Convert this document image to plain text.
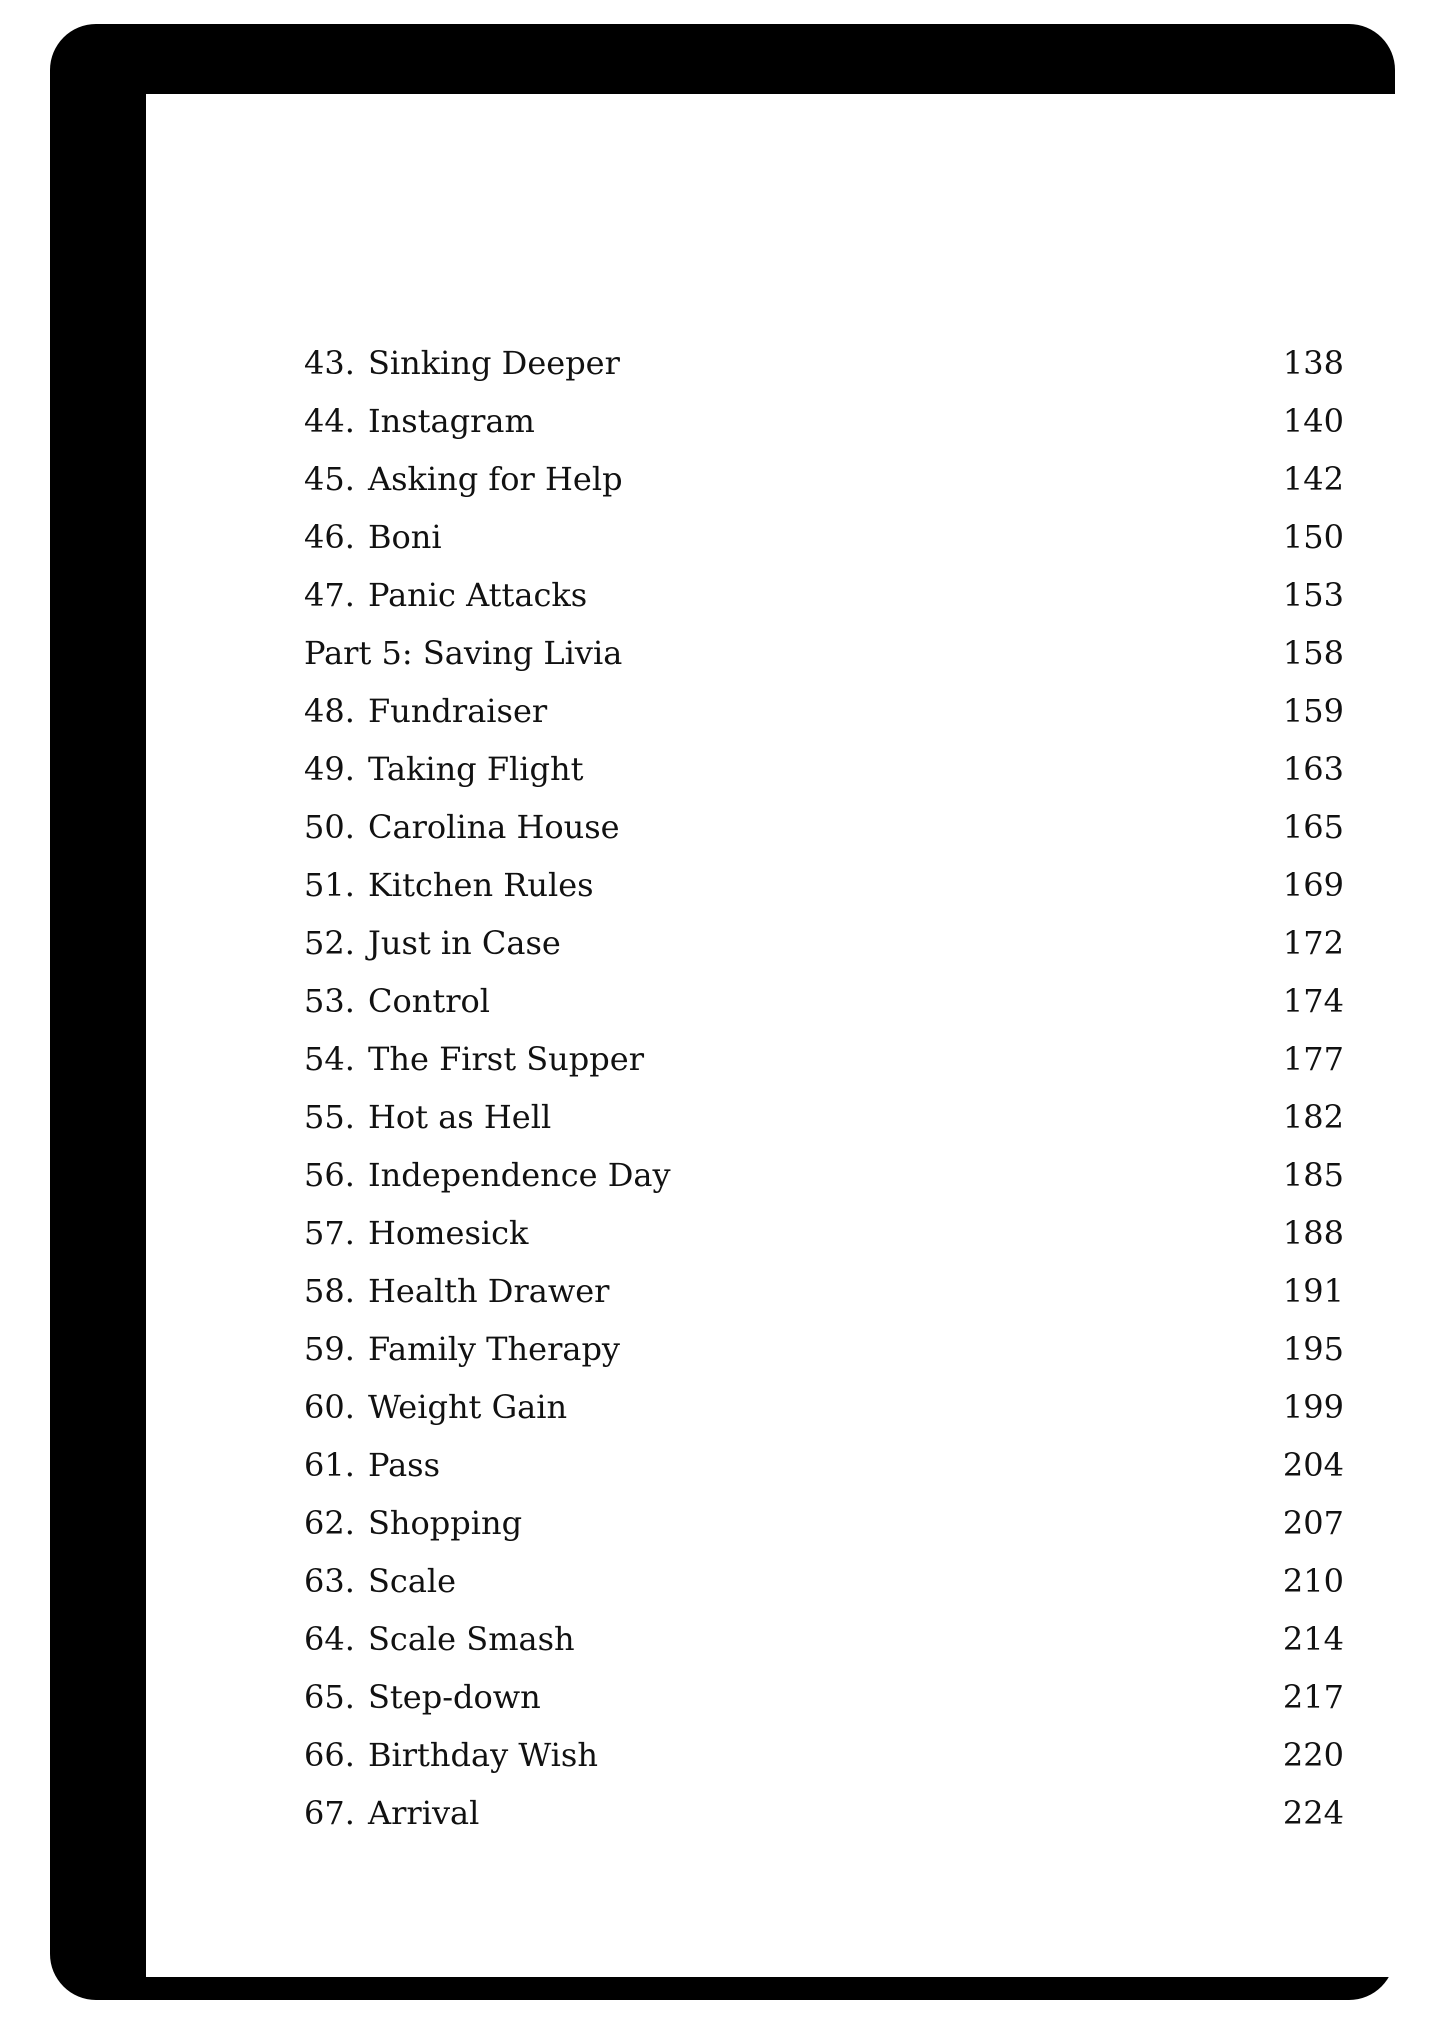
43. Sinking Deeper	138
44. Instagram	140
45. Asking for Help	142
46. Boni	150
47. Panic Attacks	153
Part 5: Saving Livia	158
48. Fundraiser	159
49. Taking Flight	163
50. Carolina House	165
51. Kitchen Rules	169
52. Just in Case	172
53. Control	174
54. The First Supper	177
55. Hot as Hell	182
56. Independence Day	185
57. Homesick	188
58. Health Drawer	191
59. Family Therapy	195
60. Weight Gain	199
61. Pass	204
62. Shopping	207
63. Scale	210
64. Scale Smash	214
65. Step-down	217
66. Birthday Wish	220
67. Arrival	224
